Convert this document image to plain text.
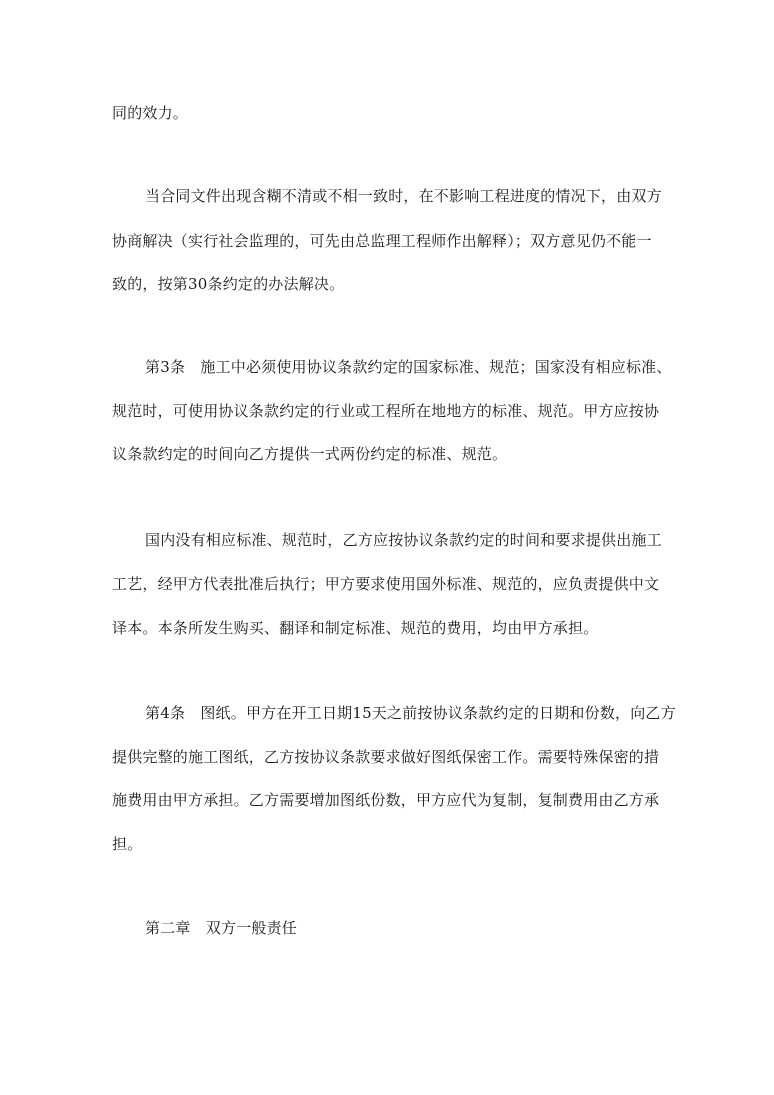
同的效力。
当合同文件出现含糊不清或不相一致时，在不影响工程进度的情况下，由双方
协商解决（实行社会监理的，可先由总监理工程师作出解释）；双方意见仍不能一
致的，按第30条约定的办法解决。
第3条　施工中必须使用协议条款约定的国家标准、规范；国家没有相应标准、
规范时，可使用协议条款约定的行业或工程所在地地方的标准、规范。甲方应按协
议条款约定的时间向乙方提供一式两份约定的标准、规范。
国内没有相应标准、规范时，乙方应按协议条款约定的时间和要求提供出施工
工艺，经甲方代表批准后执行；甲方要求使用国外标准、规范的，应负责提供中文
译本。本条所发生购买、翻译和制定标准、规范的费用，均由甲方承担。
第4条　图纸。甲方在开工日期15天之前按协议条款约定的日期和份数，向乙方
提供完整的施工图纸，乙方按协议条款要求做好图纸保密工作。需要特殊保密的措
施费用由甲方承担。乙方需要增加图纸份数，甲方应代为复制，复制费用由乙方承
担。
第二章　双方一般责任
